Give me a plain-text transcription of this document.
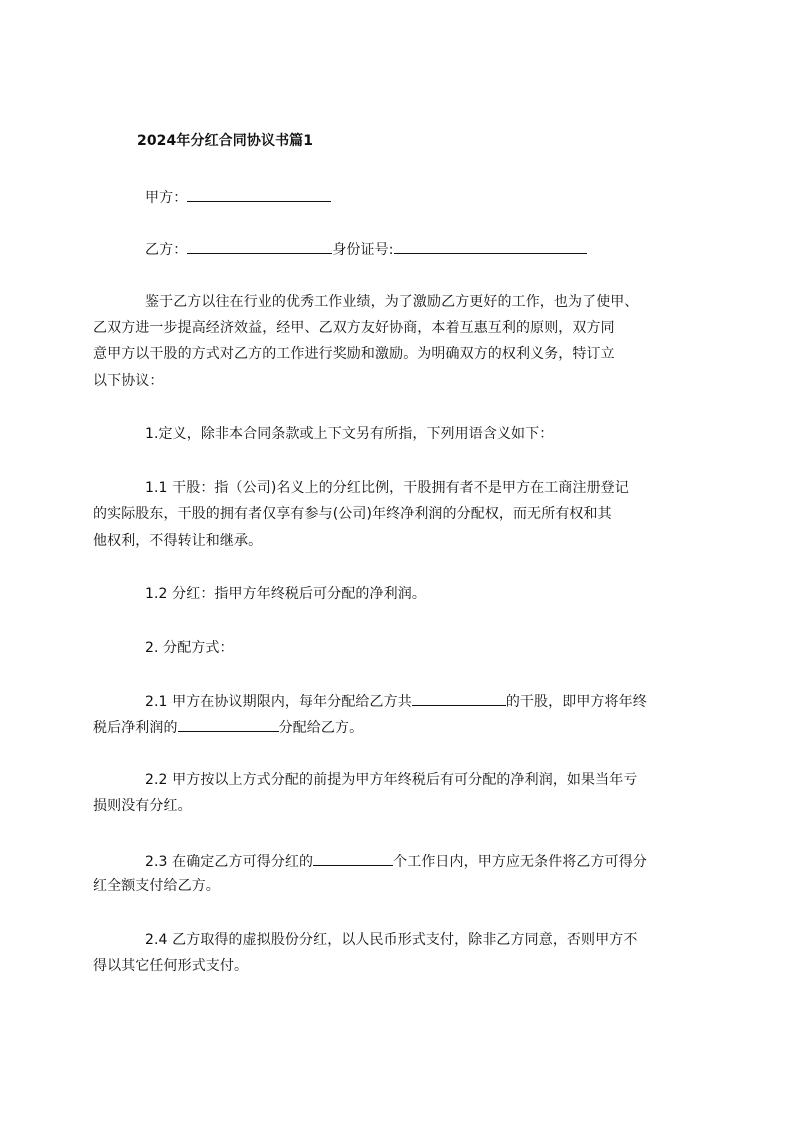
2024年分红合同协议书篇1
甲方：
乙方：	身份证号:
鉴于乙方以往在行业的优秀工作业绩，为了激励乙方更好的工作，也为了使甲、
乙双方进一步提高经济效益，经甲、乙双方友好协商，本着互惠互利的原则，双方同
意甲方以干股的方式对乙方的工作进行奖励和激励。为明确双方的权利义务，特订立
以下协议：
1.定义，除非本合同条款或上下文另有所指，下列用语含义如下：
1.1 干股：指（公司)名义上的分红比例，干股拥有者不是甲方在工商注册登记
的实际股东，干股的拥有者仅享有参与(公司)年终净利润的分配权，而无所有权和其
他权利，不得转让和继承。
1.2 分红：指甲方年终税后可分配的净利润。
2. 分配方式：
2.1 甲方在协议期限内，每年分配给乙方共	的干股，即甲方将年终
税后净利润的	分配给乙方。
2.2 甲方按以上方式分配的前提为甲方年终税后有可分配的净利润，如果当年亏
损则没有分红。
2.3 在确定乙方可得分红的	个工作日内，甲方应无条件将乙方可得分
红全额支付给乙方。
2.4 乙方取得的虚拟股份分红，以人民币形式支付，除非乙方同意，否则甲方不
得以其它任何形式支付。
